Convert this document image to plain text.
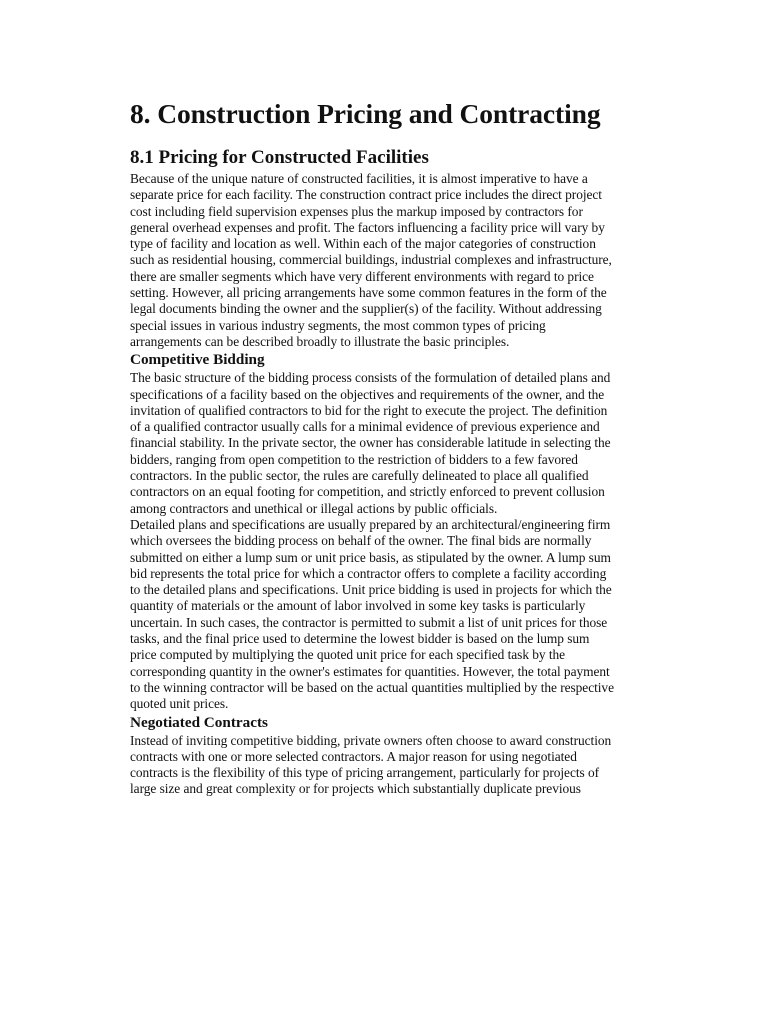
8. Construction Pricing and Contracting
8.1 Pricing for Constructed Facilities

Because of the unique nature of constructed facilities, it is almost imperative to have a
separate price for each facility. The construction contract price includes the direct project
cost including field supervision expenses plus the markup imposed by contractors for
general overhead expenses and profit. The factors influencing a facility price will vary by
type of facility and location as well. Within each of the major categories of construction
such as residential housing, commercial buildings, industrial complexes and infrastructure,
there are smaller segments which have very different environments with regard to price
setting. However, all pricing arrangements have some common features in the form of the
legal documents binding the owner and the supplier(s) of the facility. Without addressing
special issues in various industry segments, the most common types of pricing
arrangements can be described broadly to illustrate the basic principles.

Competitive Bidding

The basic structure of the bidding process consists of the formulation of detailed plans and
specifications of a facility based on the objectives and requirements of the owner, and the
invitation of qualified contractors to bid for the right to execute the project. The definition
of a qualified contractor usually calls for a minimal evidence of previous experience and
financial stability. In the private sector, the owner has considerable latitude in selecting the
bidders, ranging from open competition to the restriction of bidders to a few favored
contractors. In the public sector, the rules are carefully delineated to place all qualified
contractors on an equal footing for competition, and strictly enforced to prevent collusion
among contractors and unethical or illegal actions by public officials.

Detailed plans and specifications are usually prepared by an architectural/engineering firm
which oversees the bidding process on behalf of the owner. The final bids are normally
submitted on either a lump sum or unit price basis, as stipulated by the owner. A lump sum
bid represents the total price for which a contractor offers to complete a facility according
to the detailed plans and specifications. Unit price bidding is used in projects for which the
quantity of materials or the amount of labor involved in some key tasks is particularly
uncertain. In such cases, the contractor is permitted to submit a list of unit prices for those
tasks, and the final price used to determine the lowest bidder is based on the lump sum
price computed by multiplying the quoted unit price for each specified task by the
corresponding quantity in the owner's estimates for quantities. However, the total payment
to the winning contractor will be based on the actual quantities multiplied by the respective
quoted unit prices.

Negotiated Contracts

Instead of inviting competitive bidding, private owners often choose to award construction
contracts with one or more selected contractors. A major reason for using negotiated
contracts is the flexibility of this type of pricing arrangement, particularly for projects of
large size and great complexity or for projects which substantially duplicate previous
